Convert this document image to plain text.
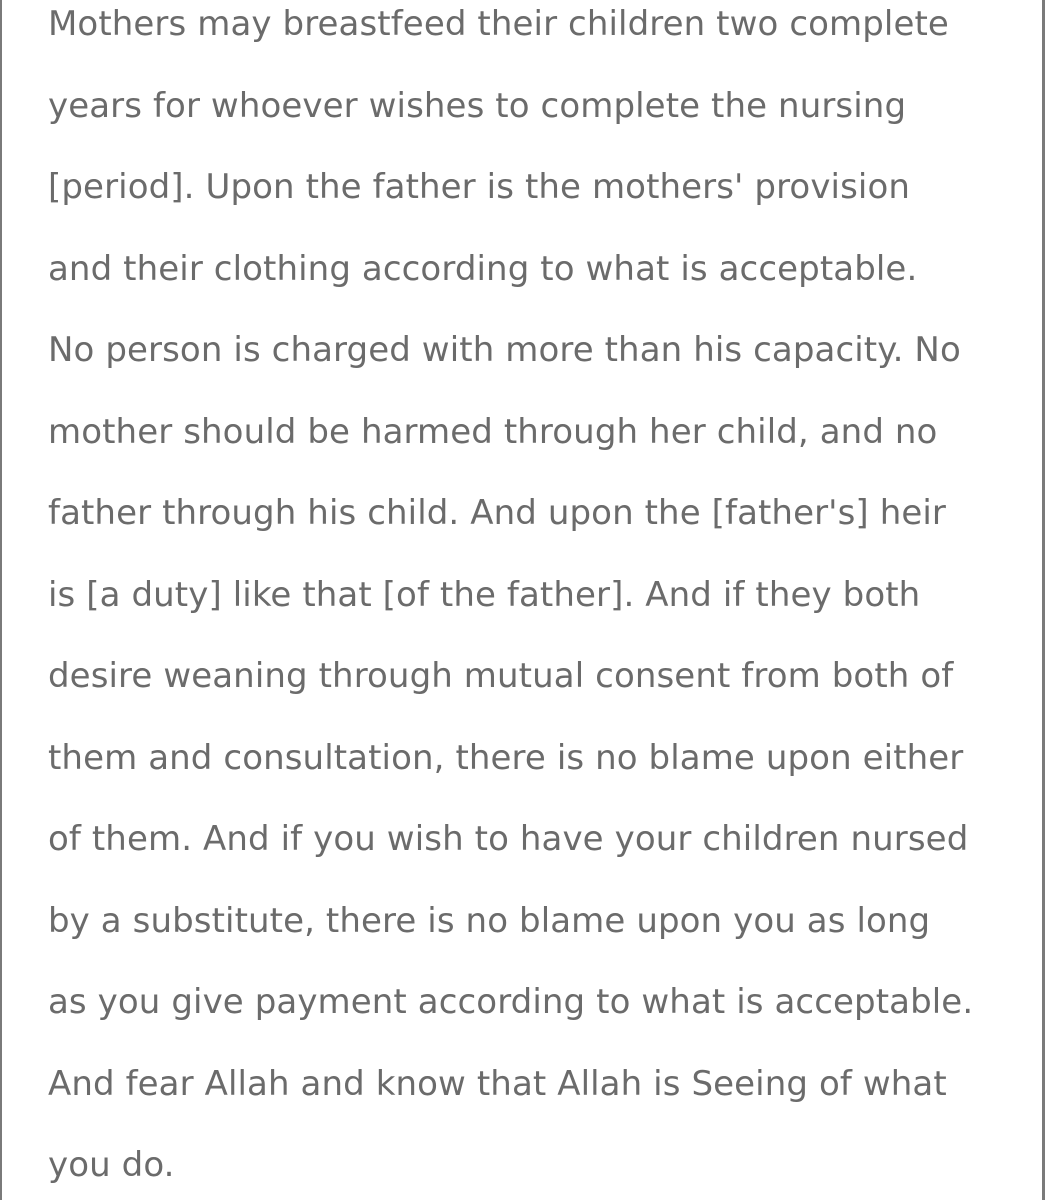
Mothers may breastfeed their children two complete

years for whoever wishes to complete the nursing

[period]. Upon the father is the mothers' provision

and their clothing according to what is acceptable.

No person is charged with more than his capacity. No

mother should be harmed through her child, and no

father through his child. And upon the [father's] heir

is [a duty] like that [of the father]. And if they both

desire weaning through mutual consent from both of

them and consultation, there is no blame upon either

of them. And if you wish to have your children nursed

by a substitute, there is no blame upon you as long

as you give payment according to what is acceptable.

And fear Allah and know that Allah is Seeing of what

you do.
